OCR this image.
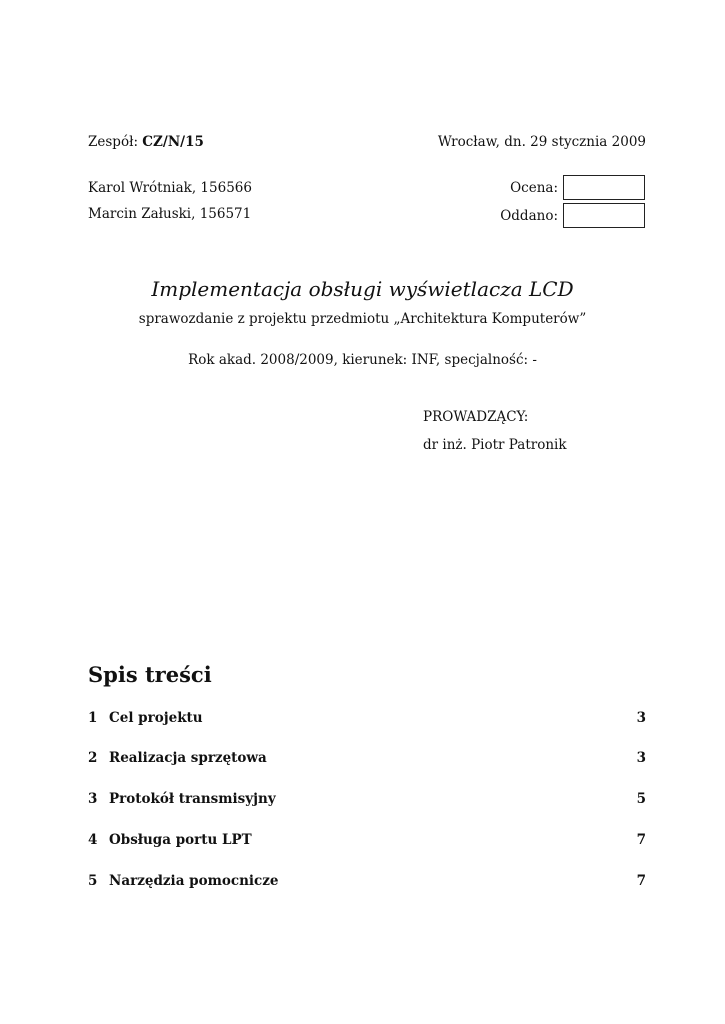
Zespół: CZ/N/15	Wrocław, dn. 29 stycznia 2009
Karol Wrótniak, 156566
Marcin Załuski, 156571
Ocena:
Oddano:
Implementacja obsługi wyświetlacza LCD
sprawozdanie z projektu przedmiotu „Architektura Komputerów”
Rok akad. 2008/2009, kierunek: INF, specjalność: -
PROWADZĄCY:
dr inż. Piotr Patronik
Spis treści
1 Cel projektu	3
2 Realizacja sprzętowa	3
3 Protokół transmisyjny	5
4 Obsługa portu LPT	7
5 Narzędzia pomocnicze	7
